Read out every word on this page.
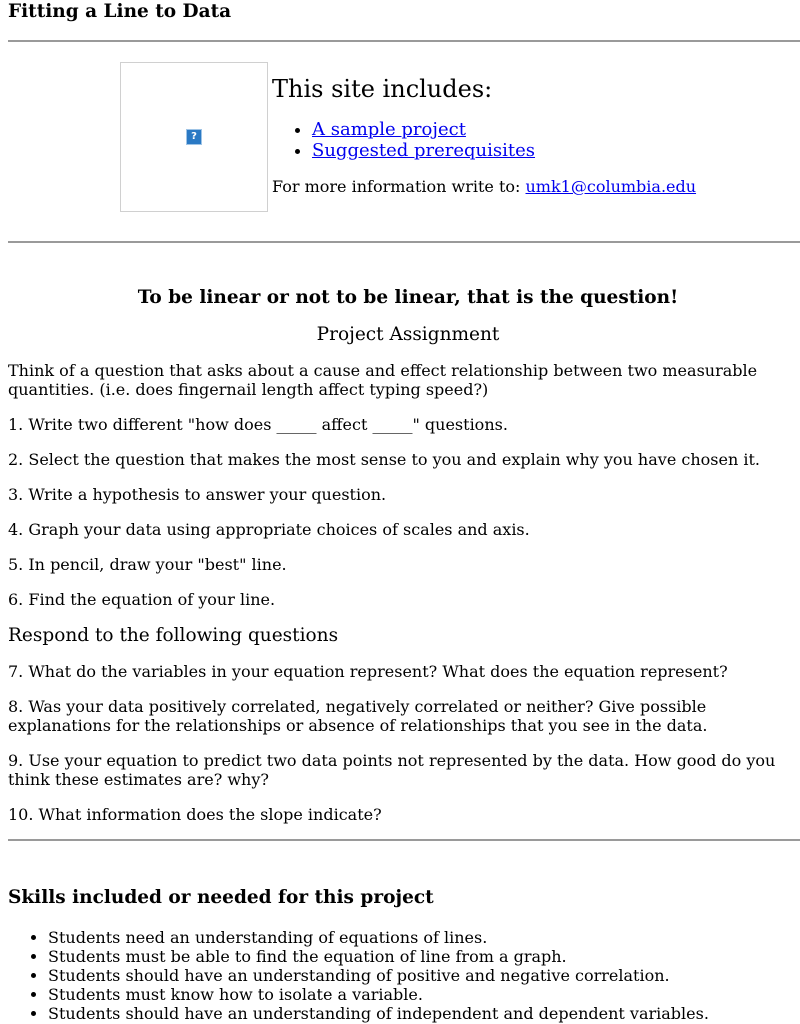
Fitting a Line to Data
?
This site includes:
• A sample project
• Suggested prerequisites
For more information write to: umk1@columbia.edu
To be linear or not to be linear, that is the question!
Project Assignment
Think of a question that asks about a cause and effect relationship between two measurable quantities. (i.e. does fingernail length affect typing speed?)
1. Write two different "how does _____ affect _____" questions.
2. Select the question that makes the most sense to you and explain why you have chosen it.
3. Write a hypothesis to answer your question.
4. Graph your data using appropriate choices of scales and axis.
5. In pencil, draw your "best" line.
6. Find the equation of your line.
Respond to the following questions
7. What do the variables in your equation represent? What does the equation represent?
8. Was your data positively correlated, negatively correlated or neither? Give possible explanations for the relationships or absence of relationships that you see in the data.
9. Use your equation to predict two data points not represented by the data. How good do you think these estimates are? why?
10. What information does the slope indicate?
Skills included or needed for this project
• Students need an understanding of equations of lines.
• Students must be able to find the equation of line from a graph.
• Students should have an understanding of positive and negative correlation.
• Students must know how to isolate a variable.
• Students should have an understanding of independent and dependent variables.
